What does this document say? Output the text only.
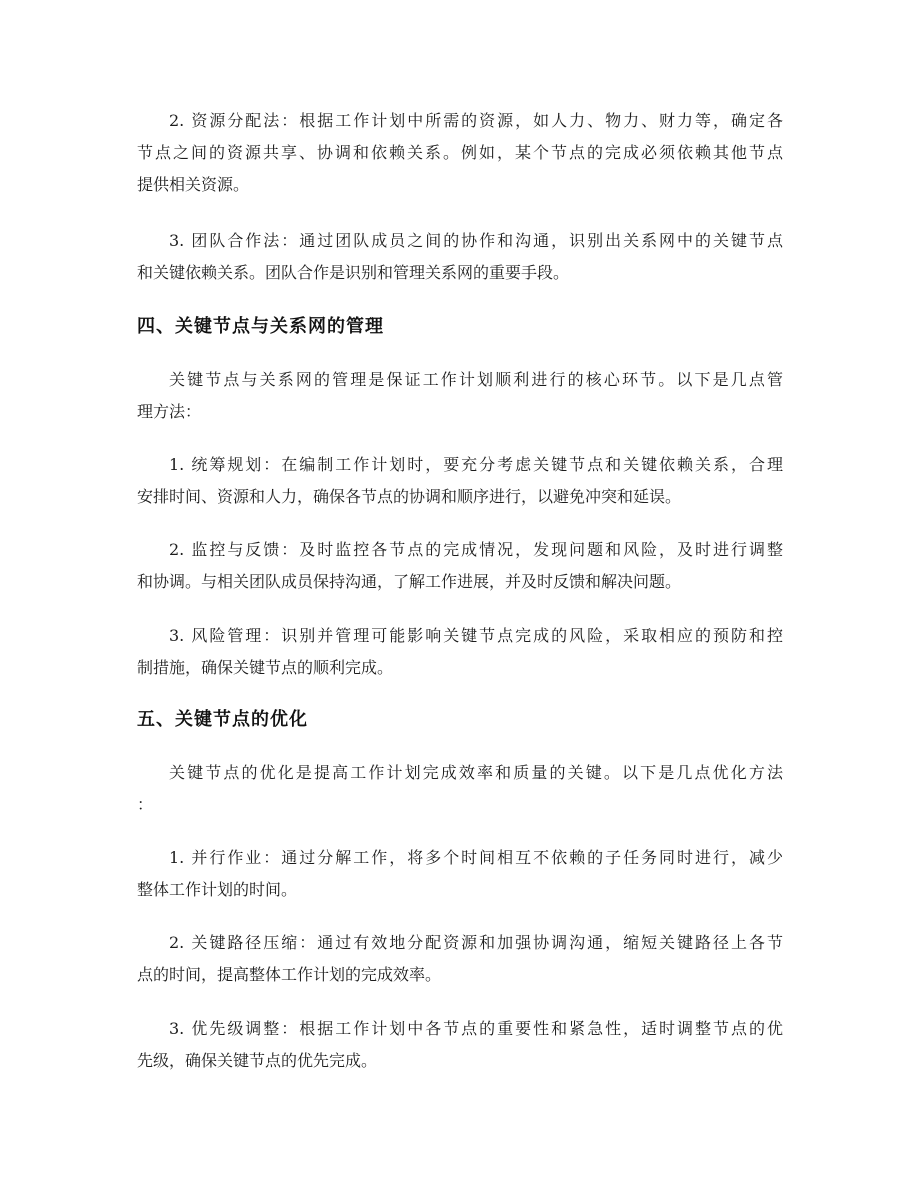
2. 资源分配法：根据工作计划中所需的资源，如人力、物力、财力等，确定各
节点之间的资源共享、协调和依赖关系。例如，某个节点的完成必须依赖其他节点
提供相关资源。
3. 团队合作法：通过团队成员之间的协作和沟通，识别出关系网中的关键节点
和关键依赖关系。团队合作是识别和管理关系网的重要手段。
四、关键节点与关系网的管理
关键节点与关系网的管理是保证工作计划顺利进行的核心环节。以下是几点管
理方法：
1. 统筹规划：在编制工作计划时，要充分考虑关键节点和关键依赖关系，合理
安排时间、资源和人力，确保各节点的协调和顺序进行，以避免冲突和延误。
2. 监控与反馈：及时监控各节点的完成情况，发现问题和风险，及时进行调整
和协调。与相关团队成员保持沟通，了解工作进展，并及时反馈和解决问题。
3. 风险管理：识别并管理可能影响关键节点完成的风险，采取相应的预防和控
制措施，确保关键节点的顺利完成。
五、关键节点的优化
关键节点的优化是提高工作计划完成效率和质量的关键。以下是几点优化方法
：
1. 并行作业：通过分解工作，将多个时间相互不依赖的子任务同时进行，减少
整体工作计划的时间。
2. 关键路径压缩：通过有效地分配资源和加强协调沟通，缩短关键路径上各节
点的时间，提高整体工作计划的完成效率。
3. 优先级调整：根据工作计划中各节点的重要性和紧急性，适时调整节点的优
先级，确保关键节点的优先完成。
